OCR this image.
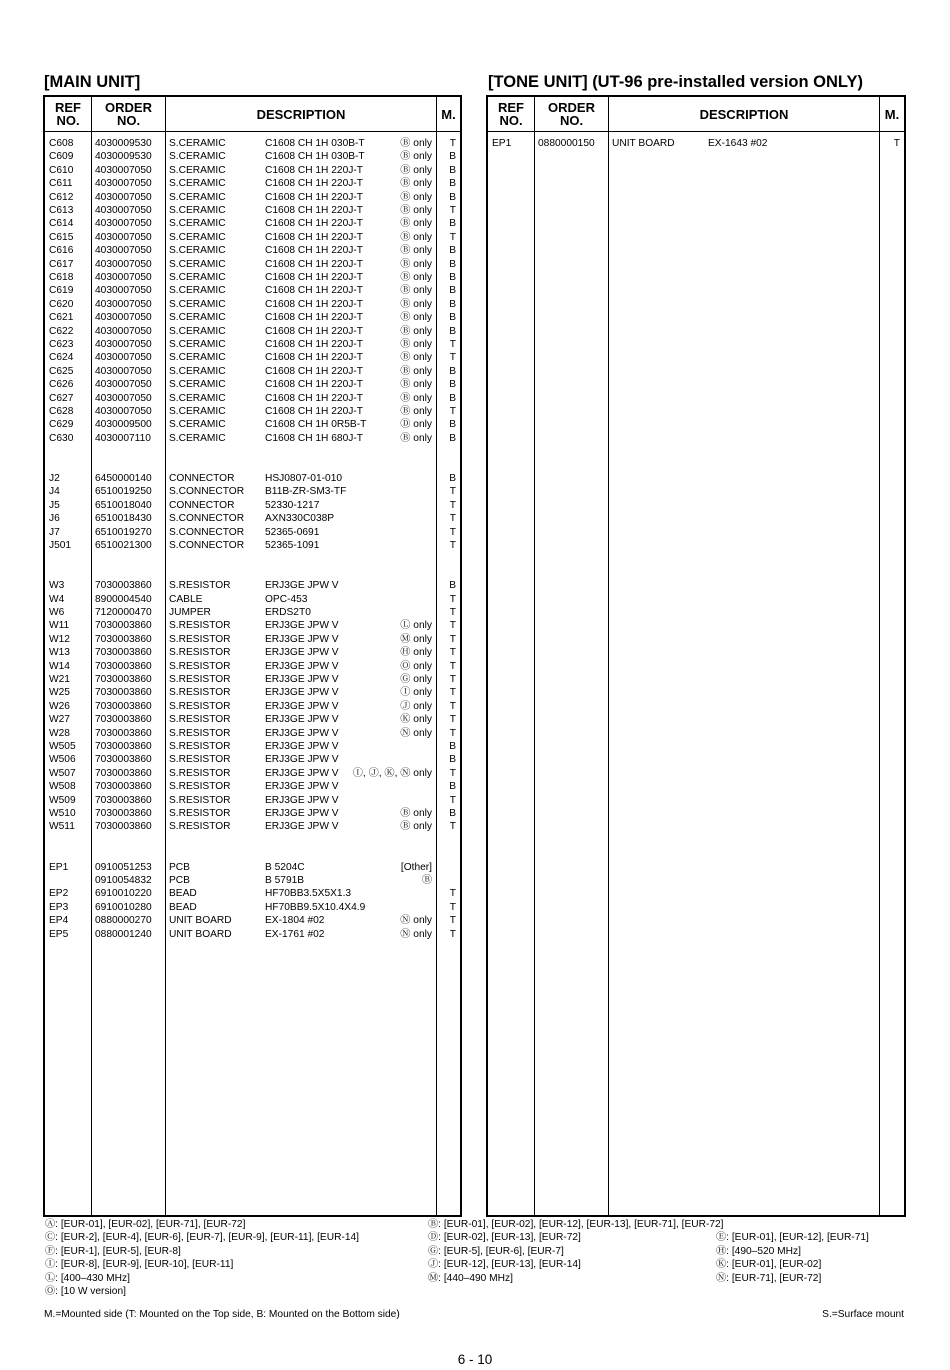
[MAIN UNIT]	[TONE UNIT] (UT-96 pre-installed version ONLY)
REF NO.
ORDER NO.	DESCRIPTION	M.
C608 4030009530 S.CERAMIC	C1608 CH 1H 030B-T	Ⓑ only T
C609 4030009530 S.CERAMIC	C1608 CH 1H 030B-T	Ⓑ only B
C610 4030007050 S.CERAMIC	C1608 CH 1H 220J-T	Ⓑ only B
C611 4030007050 S.CERAMIC	C1608 CH 1H 220J-T	Ⓑ only B
C612 4030007050 S.CERAMIC	C1608 CH 1H 220J-T	Ⓑ only B
C613 4030007050 S.CERAMIC	C1608 CH 1H 220J-T	Ⓑ only T
C614 4030007050 S.CERAMIC	C1608 CH 1H 220J-T	Ⓑ only B
C615 4030007050 S.CERAMIC	C1608 CH 1H 220J-T	Ⓑ only T
C616 4030007050 S.CERAMIC	C1608 CH 1H 220J-T	Ⓑ only B
C617 4030007050 S.CERAMIC	C1608 CH 1H 220J-T	Ⓑ only B
C618 4030007050 S.CERAMIC	C1608 CH 1H 220J-T	Ⓑ only B
C619 4030007050 S.CERAMIC	C1608 CH 1H 220J-T	Ⓑ only B
C620 4030007050 S.CERAMIC	C1608 CH 1H 220J-T	Ⓑ only B
C621 4030007050 S.CERAMIC	C1608 CH 1H 220J-T	Ⓑ only B
C622 4030007050 S.CERAMIC	C1608 CH 1H 220J-T	Ⓑ only B
C623 4030007050 S.CERAMIC	C1608 CH 1H 220J-T	Ⓑ only T
C624 4030007050 S.CERAMIC	C1608 CH 1H 220J-T	Ⓑ only T
C625 4030007050 S.CERAMIC	C1608 CH 1H 220J-T	Ⓑ only B
C626 4030007050 S.CERAMIC	C1608 CH 1H 220J-T	Ⓑ only B
C627 4030007050 S.CERAMIC	C1608 CH 1H 220J-T	Ⓑ only B
C628 4030007050 S.CERAMIC	C1608 CH 1H 220J-T	Ⓑ only T
C629 4030009500 S.CERAMIC	C1608 CH 1H 0R5B-T	Ⓓ only B
C630 4030007110 S.CERAMIC	C1608 CH 1H 680J-T	Ⓑ only B
J2	6450000140 CONNECTOR	HSJ0807-01-010	B
J4	6510019250 S.CONNECTOR B11B-ZR-SM3-TF	T
J5	6510018040 CONNECTOR	52330-1217	T
J6	6510018430 S.CONNECTOR AXN330C038P	T
J7	6510019270 S.CONNECTOR 52365-0691	T
J501 6510021300 S.CONNECTOR 52365-1091	T
W3	7030003860 S.RESISTOR	ERJ3GE JPW V	B
W4	8900004540 CABLE	OPC-453	T
W6	7120000470 JUMPER	ERDS2T0	T
W11	7030003860 S.RESISTOR	ERJ3GE JPW V	Ⓛ only T
W12 7030003860 S.RESISTOR	ERJ3GE JPW V	Ⓜ only T
W13 7030003860 S.RESISTOR	ERJ3GE JPW V	Ⓗ only T
W14 7030003860 S.RESISTOR	ERJ3GE JPW V	Ⓞ only T
W21 7030003860 S.RESISTOR	ERJ3GE JPW V	Ⓖ only T
W25 7030003860 S.RESISTOR	ERJ3GE JPW V	Ⓘ only T
W26 7030003860 S.RESISTOR	ERJ3GE JPW V	Ⓙ only T
W27 7030003860 S.RESISTOR	ERJ3GE JPW V	Ⓚ only T
W28 7030003860 S.RESISTOR	ERJ3GE JPW V	Ⓝ only T
W505 7030003860 S.RESISTOR	ERJ3GE JPW V	B
W506 7030003860 S.RESISTOR	ERJ3GE JPW V	B
W507 7030003860 S.RESISTOR	ERJ3GE JPW V Ⓘ, Ⓙ, Ⓚ, Ⓝ only T
W508 7030003860 S.RESISTOR	ERJ3GE JPW V	B
W509 7030003860 S.RESISTOR	ERJ3GE JPW V	T
W510 7030003860 S.RESISTOR	ERJ3GE JPW V	Ⓑ only B
W511 7030003860 S.RESISTOR	ERJ3GE JPW V	Ⓑ only T
EP1	0910051253 PCB	B 5204C	[Other]
0910054832 PCB	B 5791B	Ⓑ
EP2	6910010220 BEAD	HF70BB3.5X5X1.3	T
EP3	6910010280 BEAD	HF70BB9.5X10.4X4.9	T
EP4	0880000270 UNIT BOARD	EX-1804 #02	Ⓝ only T
EP5	0880001240 UNIT BOARD	EX-1761 #02	Ⓝ only T
REF NO.
ORDER NO.	DESCRIPTION	M.
EP1	0880000150 UNIT BOARD	EX-1643 #02	T
Ⓐ: [EUR-01], [EUR-02], [EUR-71], [EUR-72]	Ⓑ: [EUR-01], [EUR-02], [EUR-12], [EUR-13], [EUR-71], [EUR-72]
Ⓒ: [EUR-2], [EUR-4], [EUR-6], [EUR-7], [EUR-9], [EUR-11], [EUR-14]	Ⓓ: [EUR-02], [EUR-13], [EUR-72]	Ⓔ: [EUR-01], [EUR-12], [EUR-71]
Ⓕ: [EUR-1], [EUR-5], [EUR-8]	Ⓖ: [EUR-5], [EUR-6], [EUR-7]	Ⓗ: [490–520 MHz]
Ⓘ: [EUR-8], [EUR-9], [EUR-10], [EUR-11]	Ⓙ: [EUR-12], [EUR-13], [EUR-14]	Ⓚ: [EUR-01], [EUR-02]
Ⓛ: [400–430 MHz]	Ⓜ: [440–490 MHz]	Ⓝ: [EUR-71], [EUR-72]
Ⓞ: [10 W version]
M.=Mounted side (T: Mounted on the Top side, B: Mounted on the Bottom side)	S.=Surface mount
6 - 10
